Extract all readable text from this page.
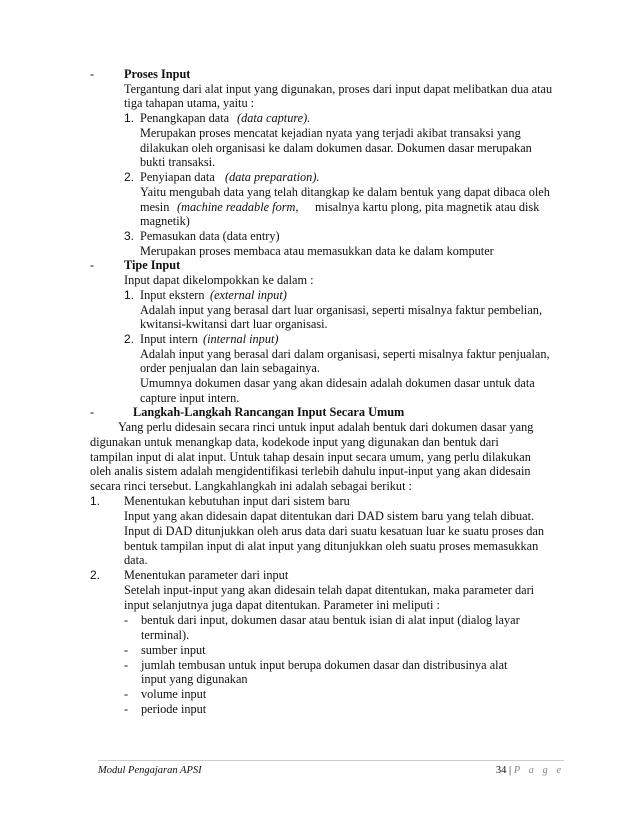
- Proses Input
Tergantung dari alat input yang digunakan, proses dari input dapat melibatkan dua atau
tiga tahapan utama, yaitu :
1. Penangkapan data (data capture).
Merupakan proses mencatat kejadian nyata yang terjadi akibat transaksi yang
dilakukan oleh organisasi ke dalam dokumen dasar. Dokumen dasar merupakan
bukti transaksi.
2. Penyiapan data (data preparation).
Yaitu mengubah data yang telah ditangkap ke dalam bentuk yang dapat dibaca oleh
mesin (machine readable form, misalnya kartu plong, pita magnetik atau disk
magnetik)
3. Pemasukan data (data entry)
Merupakan proses membaca atau memasukkan data ke dalam komputer
- Tipe Input
Input dapat dikelompokkan ke dalam :
1. Input ekstern (external input)
Adalah input yang berasal dart luar organisasi, seperti misalnya faktur pembelian,
kwitansi-kwitansi dart luar organisasi.
2. Input intern (internal input)
Adalah input yang berasal dari dalam organisasi, seperti misalnya faktur penjualan,
order penjualan dan lain sebagainya.
Umumnya dokumen dasar yang akan didesain adalah dokumen dasar untuk data
capture input intern.
-	Langkah-Langkah Rancangan Input Secara Umum
Yang perlu didesain secara rinci untuk input adalah bentuk dari dokumen dasar yang
digunakan untuk menangkap data, kodekode input yang digunakan dan bentuk dari
tampilan input di alat input. Untuk tahap desain input secara umum, yang perlu dilakukan
oleh analis sistem adalah mengidentifikasi terlebih dahulu input-input yang akan didesain
secara rinci tersebut. Langkahlangkah ini adalah sebagai berikut :
1. Menentukan kebutuhan input dari sistem baru
Input yang akan didesain dapat ditentukan dari DAD sistem baru yang telah dibuat.
Input di DAD ditunjukkan oleh arus data dari suatu kesatuan luar ke suatu proses dan
bentuk tampilan input di alat input yang ditunjukkan oleh suatu proses memasukkan
data.
2. Menentukan parameter dari input
Setelah input-input yang akan didesain telah dapat ditentukan, maka parameter dari
input selanjutnya juga dapat ditentukan. Parameter ini meliputi :
- bentuk dari input, dokumen dasar atau bentuk isian di alat input (dialog layar
terminal).
- sumber input
- jumlah tembusan untuk input berupa dokumen dasar dan distribusinya alat
input yang digunakan
- volume input
- periode input
Modul Pengajaran APSI	34 | P a g e
